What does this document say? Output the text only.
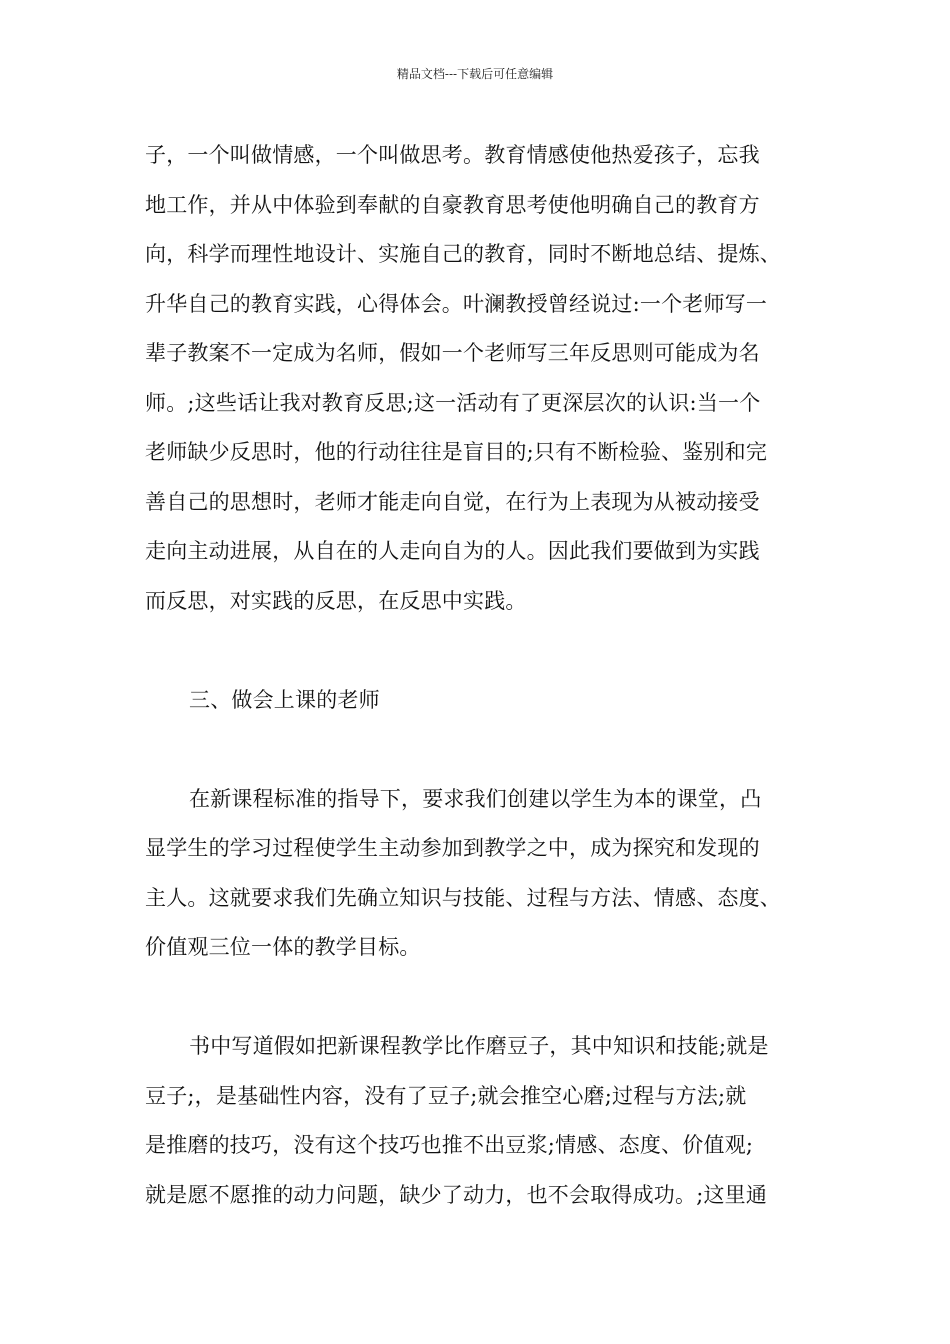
精品文档---下载后可任意编辑
子，一个叫做情感，一个叫做思考。教育情感使他热爱孩子，忘我
地工作，并从中体验到奉献的自豪教育思考使他明确自己的教育方
向，科学而理性地设计、实施自己的教育，同时不断地总结、提炼、
升华自己的教育实践，心得体会。叶澜教授曾经说过:一个老师写一
辈子教案不一定成为名师，假如一个老师写三年反思则可能成为名
师。;这些话让我对教育反思;这一活动有了更深层次的认识:当一个
老师缺少反思时，他的行动往往是盲目的;只有不断检验、鉴别和完
善自己的思想时，老师才能走向自觉，在行为上表现为从被动接受
走向主动进展，从自在的人走向自为的人。因此我们要做到为实践
而反思，对实践的反思，在反思中实践。
三、做会上课的老师
在新课程标准的指导下，要求我们创建以学生为本的课堂，凸
显学生的学习过程使学生主动参加到教学之中，成为探究和发现的
主人。这就要求我们先确立知识与技能、过程与方法、情感、态度、
价值观三位一体的教学目标。
书中写道假如把新课程教学比作磨豆子，其中知识和技能;就是
豆子;，是基础性内容，没有了豆子;就会推空心磨;过程与方法;就
是推磨的技巧，没有这个技巧也推不出豆浆;情感、态度、价值观;
就是愿不愿推的动力问题，缺少了动力，也不会取得成功。;这里通
